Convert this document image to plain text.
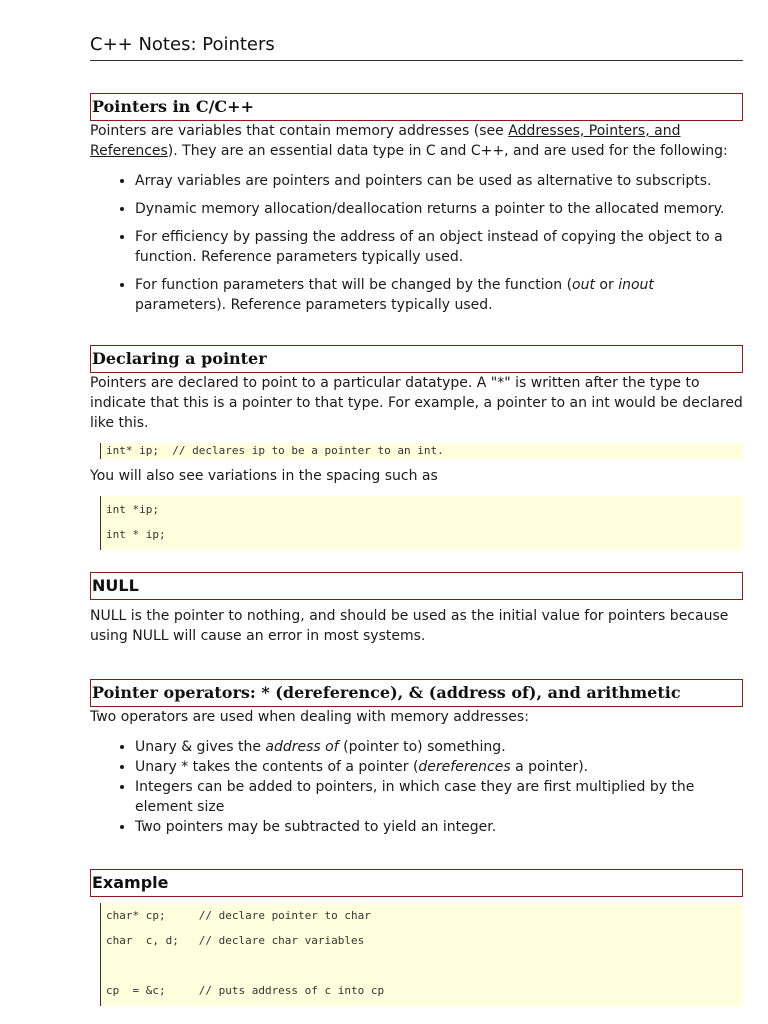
C++ Notes: Pointers
Pointers in C/C++

Pointers are variables that contain memory addresses (see Addresses, Pointers, and References). They are an essential data type in C and C++, and are used for the following:

• Array variables are pointers and pointers can be used as alternative to subscripts.
• Dynamic memory allocation/deallocation returns a pointer to the allocated memory.
• For efficiency by passing the address of an object instead of copying the object to a function. Reference parameters typically used.
• For function parameters that will be changed by the function (out or inout parameters). Reference parameters typically used.
Declaring a pointer

Pointers are declared to point to a particular datatype. A "*" is written after the type to indicate that this is a pointer to that type. For example, a pointer to an int would be declared like this.

int* ip;  // declares ip to be a pointer to an int.

You will also see variations in the spacing such as

int *ip;
int * ip;
NULL

NULL is the pointer to nothing, and should be used as the initial value for pointers because using NULL will cause an error in most systems.

Pointer operators: * (dereference), & (address of), and arithmetic

Two operators are used when dealing with memory addresses:

• Unary & gives the address of (pointer to) something.
• Unary * takes the contents of a pointer (dereferences a pointer).
• Integers can be added to pointers, in which case they are first multiplied by the element size
• Two pointers may be subtracted to yield an integer.
Example
char* cp;     // declare pointer to char
char  c, d;   // declare char variables
cp  = &c;     // puts address of c into cp
